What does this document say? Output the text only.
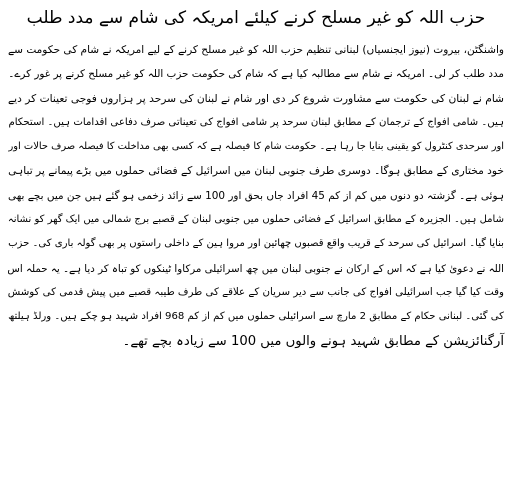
حزب اللہ کو غیر مسلح کرنے کیلئے امریکہ کی شام سے مدد طلب
واشنگٹن، بیروت (نیوز ایجنسیاں) لبنانی تنظیم حزب اللہ کو غیر مسلح کرنے کے لیے امریکہ نے شام کی حکومت سے
مدد طلب کر لی۔ امریکہ نے شام سے مطالبہ کیا ہے کہ شام کی حکومت حزب اللہ کو غیر مسلح کرنے پر غور کرے۔
شام نے لبنان کی حکومت سے مشاورت شروع کر دی اور شام نے لبنان کی سرحد پر ہزاروں فوجی تعینات کر دیے
ہیں۔ شامی افواج کے ترجمان کے مطابق لبنان سرحد پر شامی افواج کی تعیناتی صرف دفاعی اقدامات ہیں۔ استحکام
اور سرحدی کنٹرول کو یقینی بنایا جا رہا ہے۔ حکومت شام کا فیصلہ ہے کہ کسی بھی مداخلت کا فیصلہ صرف حالات اور
خود مختاری کے مطابق ہوگا۔ دوسری طرف جنوبی لبنان میں اسرائیل کے فضائی حملوں میں بڑے پیمانے پر تباہی
ہوئی ہے۔ گزشتہ دو دنوں میں کم از کم 45 افراد جاں بحق اور 100 سے زائد زخمی ہو گئے ہیں جن میں بچے بھی
شامل ہیں۔ الجزیرہ کے مطابق اسرائیل کے فضائی حملوں میں جنوبی لبنان کے قصبے برج شمالی میں ایک گھر کو نشانہ
بنایا گیا۔ اسرائیل کی سرحد کے قریب واقع قصبوں چھائین اور مروا ہین کے داخلی راستوں پر بھی گولہ باری کی۔ حزب
اللہ نے دعویٰ کیا ہے کہ اس کے ارکان نے جنوبی لبنان میں چھ اسرائیلی مرکاوا ٹینکوں کو تباہ کر دیا ہے۔ یہ حملہ اس
وقت کیا گیا جب اسرائیلی افواج کی جانب سے دیر سریان کے علاقے کی طرف طیبہ قصبے میں پیش قدمی کی کوشش
کی گئی۔ لبنانی حکام کے مطابق 2 مارچ سے اسرائیلی حملوں میں کم از کم 968 افراد شہید ہو چکے ہیں۔ ورلڈ ہیلتھ
آرگنائزیشن کے مطابق شہید ہونے والوں میں 100 سے زیادہ بچے تھے۔
